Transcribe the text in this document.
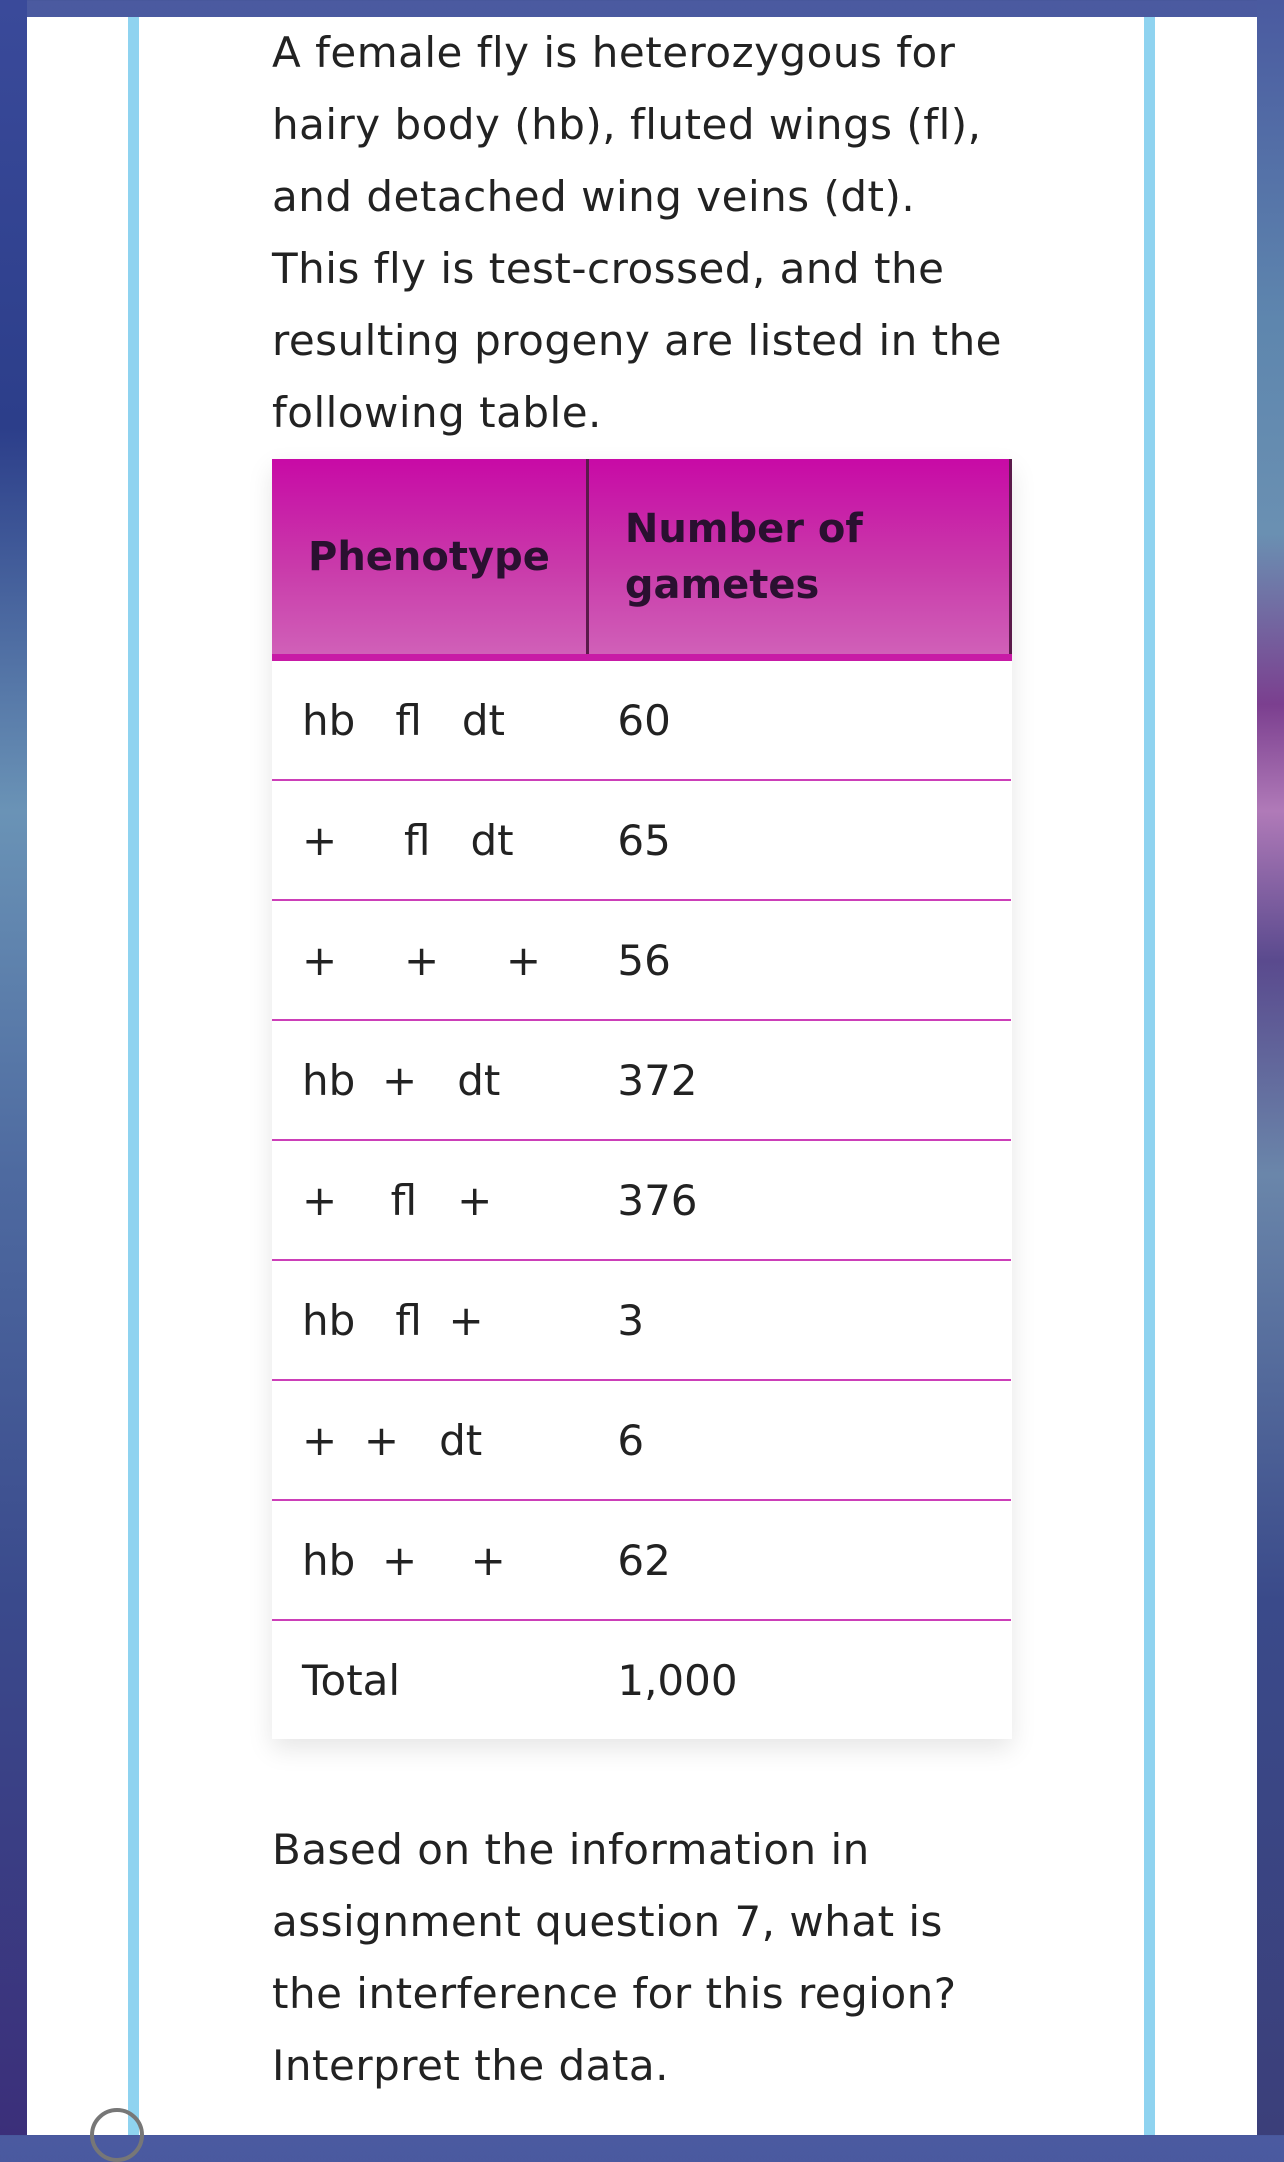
A female fly is heterozygous for hairy body (hb), fluted wings (fl), and detached wing veins (dt). This fly is test-crossed, and the resulting progeny are listed in the following table.

Phenotype	Number of gametes
hb   fl   dt	60
+     fl   dt	65
+     +     +	56
hb  +   dt	372
+    fl   +	376
hb   fl  +	3
+  +   dt	6
hb  +    +	62
Total	1,000

Based on the information in assignment question 7, what is the interference for this region? Interpret the data.
